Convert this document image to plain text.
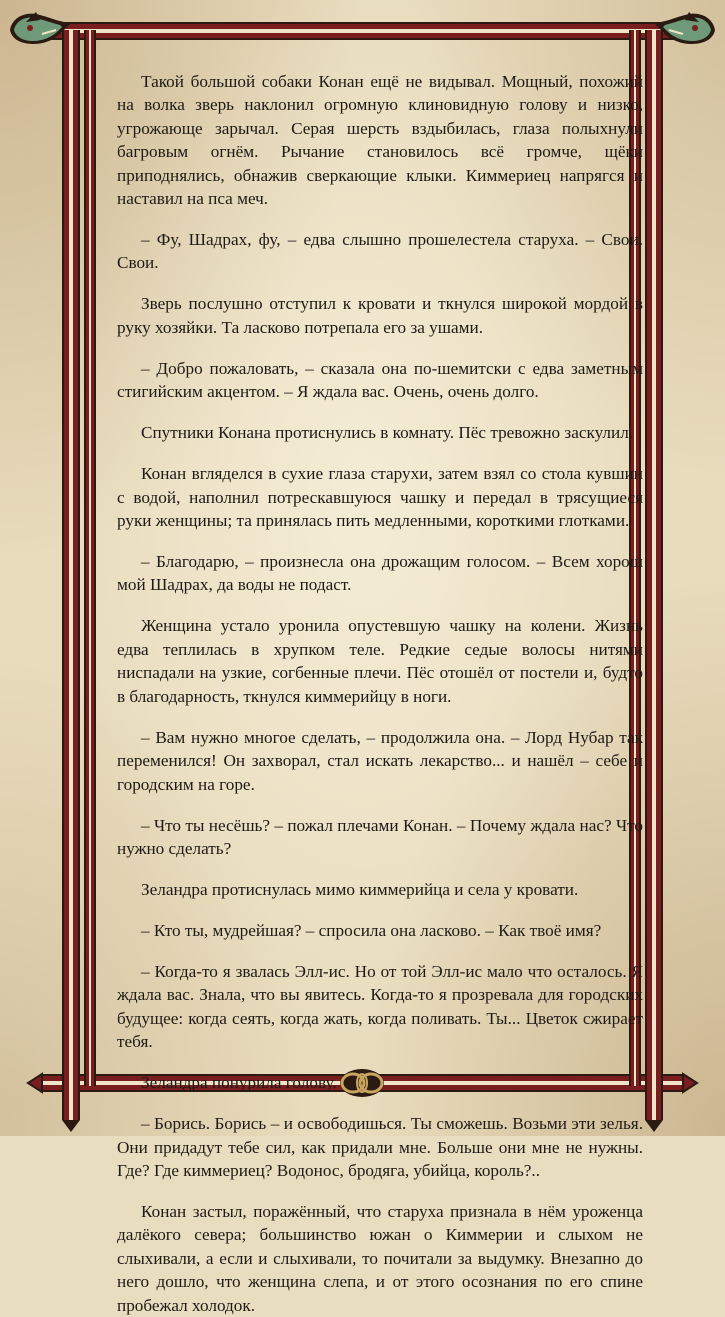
Такой большой собаки Конан ещё не видывал. Мощный, похожий на волка зверь наклонил огромную клиновидную голову и низко, угрожающе зарычал. Серая шерсть вздыбилась, глаза полыхнули багровым огнём. Рычание становилось всё громче, щёки приподнялись, обнажив сверкающие клыки. Киммериец напрягся и наставил на пса меч.

– Фу, Шадрах, фу, – едва слышно прошелестела старуха. – Свои. Свои.

Зверь послушно отступил к кровати и ткнулся широкой мордой в руку хозяйки. Та ласково потрепала его за ушами.

– Добро пожаловать, – сказала она по-шемитски с едва заметным стигийским акцентом. – Я ждала вас. Очень, очень долго.

Спутники Конана протиснулись в комнату. Пёс тревожно заскулил.

Конан вгляделся в сухие глаза старухи, затем взял со стола кувшин с водой, наполнил потрескавшуюся чашку и передал в трясущиеся руки женщины; та принялась пить медленными, короткими глотками.

– Благодарю, – произнесла она дрожащим голосом. – Всем хорош мой Шадрах, да воды не подаст.

Женщина устало уронила опустевшую чашку на колени. Жизнь едва теплилась в хрупком теле. Редкие седые волосы нитями ниспадали на узкие, согбенные плечи. Пёс отошёл от постели и, будто в благодарность, ткнулся киммерийцу в ноги.

– Вам нужно многое сделать, – продолжила она. – Лорд Нубар так переменился! Он захворал, стал искать лекарство... и нашёл – себе и городским на горе.

– Что ты несёшь? – пожал плечами Конан. – Почему ждала нас? Что нужно сделать?

Зеландра протиснулась мимо киммерийца и села у кровати.

– Кто ты, мудрейшая? – спросила она ласково. – Как твоё имя?

– Когда-то я звалась Элл-ис. Но от той Элл-ис мало что осталось. Я ждала вас. Знала, что вы явитесь. Когда-то я прозревала для городских будущее: когда сеять, когда жать, когда поливать. Ты... Цветок сжирает тебя.

Зеландра понурила голову.

– Борись. Борись – и освободишься. Ты сможешь. Возьми эти зелья. Они придадут тебе сил, как придали мне. Больше они мне не нужны. Где? Где киммериец? Водонос, бродяга, убийца, король?..

Конан застыл, поражённый, что старуха признала в нём уроженца далёкого севера; большинство южан о Киммерии и слыхом не слыхивали, а если и слыхивали, то почитали за выдумку. Внезапно до него дошло, что женщина слепа, и от этого осознания по его спине пробежал холодок.
